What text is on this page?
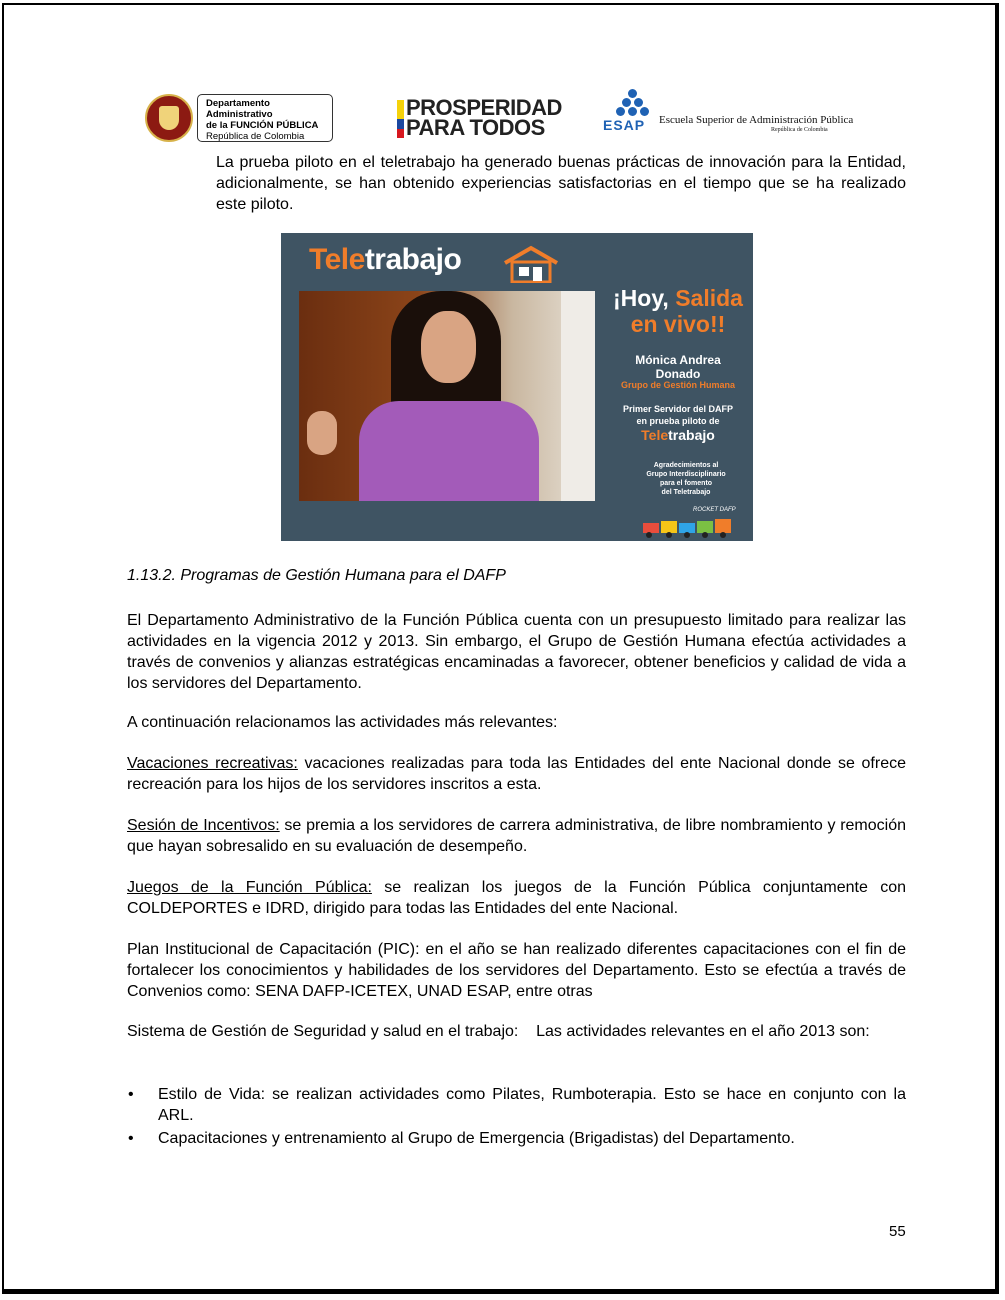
Departamento Administrativo
de la FUNCIÓN PÚBLICA
República de Colombia
PROSPERIDAD
PARA TODOS	ESAP Escuela Superior de Administración Pública
República de Colombia

La prueba piloto en el teletrabajo ha generado buenas prácticas de innovación para la Entidad, adicionalmente, se han obtenido experiencias satisfactorias en el tiempo que se ha realizado este piloto.

Teletrabajo
¡Hoy, Salida
en vivo!!
Mónica Andrea
Donado
Grupo de Gestión Humana
Primer Servidor del DAFP
en prueba piloto de
Teletrabajo
Agradecimientos al
Grupo Interdisciplinario
para el fomento
del Teletrabajo
ROCKET DAFP
1.13.2. Programas de Gestión Humana para el DAFP

El Departamento Administrativo de la Función Pública cuenta con un presupuesto limitado para realizar las actividades en la vigencia 2012 y 2013. Sin embargo, el Grupo de Gestión Humana efectúa actividades a través de convenios y alianzas estratégicas encaminadas a favorecer, obtener beneficios y calidad de vida a los servidores del Departamento.

A continuación relacionamos las actividades más relevantes:

Vacaciones recreativas: vacaciones realizadas para toda las Entidades del ente Nacional donde se ofrece recreación para los hijos de los servidores inscritos a esta.

Sesión de Incentivos: se premia a los servidores de carrera administrativa, de libre nombramiento y remoción que hayan sobresalido en su evaluación de desempeño.

Juegos de la Función Pública: se realizan los juegos de la Función Pública conjuntamente con COLDEPORTES e IDRD, dirigido para todas las Entidades del ente Nacional.

Plan Institucional de Capacitación (PIC): en el año se han realizado diferentes capacitaciones con el fin de fortalecer los conocimientos y habilidades de los servidores del Departamento. Esto se efectúa a través de Convenios como: SENA DAFP-ICETEX, UNAD ESAP, entre otras

Sistema de Gestión de Seguridad y salud en el trabajo:    Las actividades relevantes en el año 2013 son:

• Estilo de Vida: se realizan actividades como Pilates, Rumboterapia. Esto se hace en conjunto con la ARL.
• Capacitaciones y entrenamiento al Grupo de Emergencia (Brigadistas) del Departamento.
55
